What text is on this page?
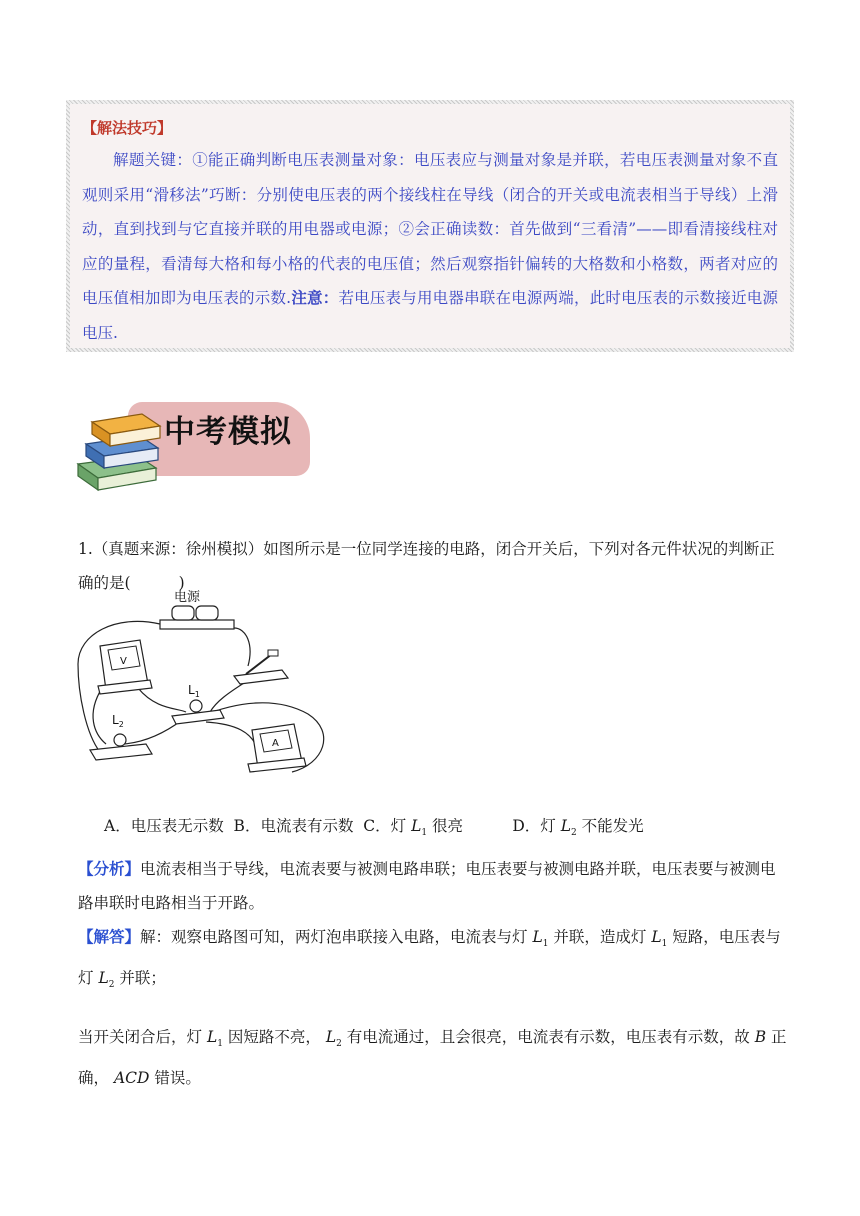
【解法技巧】
解题关键：①能正确判断电压表测量对象：电压表应与测量对象是并联，若电压表测量对象不直观则采用“滑移法”巧断：分别使电压表的两个接线柱在导线（闭合的开关或电流表相当于导线）上滑动，直到找到与它直接并联的用电器或电源；②会正确读数：首先做到“三看清”——即看清接线柱对应的量程，看清每大格和每小格的代表的电压值；然后观察指针偏转的大格数和小格数，两者对应的电压值相加即为电压表的示数.注意：若电压表与用电器串联在电源两端，此时电压表的示数接近电源电压.
中考模拟
1.（真题来源：徐州模拟）如图所示是一位同学连接的电路，闭合开关后，下列对各元件状况的判断正确的是(	)
电源
V
$L_1$
$L_2$
A
A．电压表无示数  B．电流表有示数  C．灯 $L_1$ 很亮          D．灯 $L_2$ 不能发光
【分析】电流表相当于导线，电流表要与被测电路串联；电压表要与被测电路并联，电压表要与被测电路串联时电路相当于开路。
【解答】解：观察电路图可知，两灯泡串联接入电路，电流表与灯 $L_1$ 并联，造成灯 $L_1$ 短路，电压表与灯 $L_2$ 并联；
当开关闭合后，灯 $L_1$ 因短路不亮， $L_2$ 有电流通过，且会很亮，电流表有示数，电压表有示数，故 B 正确， ACD 错误。
